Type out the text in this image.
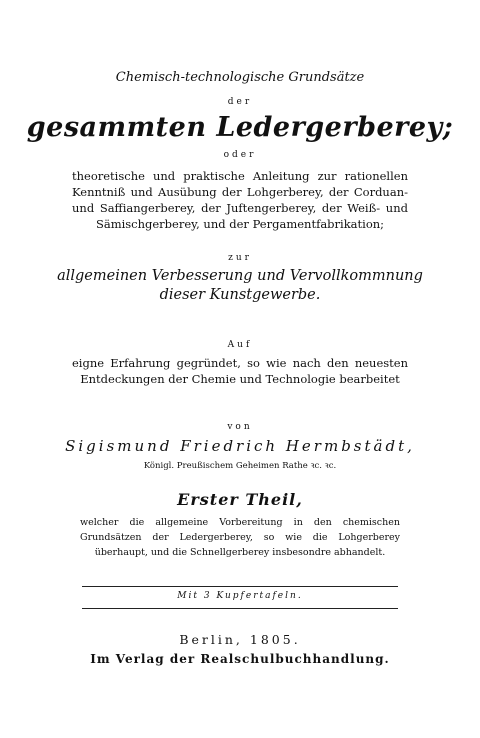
Chemisch-technologische Grundsätze
der
gesammten Ledergerberey;
oder
theoretische und praktische Anleitung zur rationellen Kenntniß und Ausübung der Lohgerberey, der Corduan- und Saffiangerberey, der Juftengerberey, der Weiß- und Sämischgerberey, und der Pergamentfabrikation;
zur
allgemeinen Verbesserung und Vervollkommnung
dieser Kunstgewerbe.
Auf
eigne Erfahrung gegründet, so wie nach den neuesten Entdeckungen der Chemie und Technologie bearbeitet
von
Sigismund Friedrich Hermbstädt,
Königl. Preußischem Geheimen Rathe ꝛc. ꝛc.
Erster Theil,
welcher die allgemeine Vorbereitung in den chemischen Grundsätzen der Ledergerberey, so wie die Lohgerberey überhaupt, und die Schnellgerberey insbesondre abhandelt.
Mit 3 Kupfertafeln.
Berlin, 1805.
Im Verlag der Realschulbuchhandlung.
